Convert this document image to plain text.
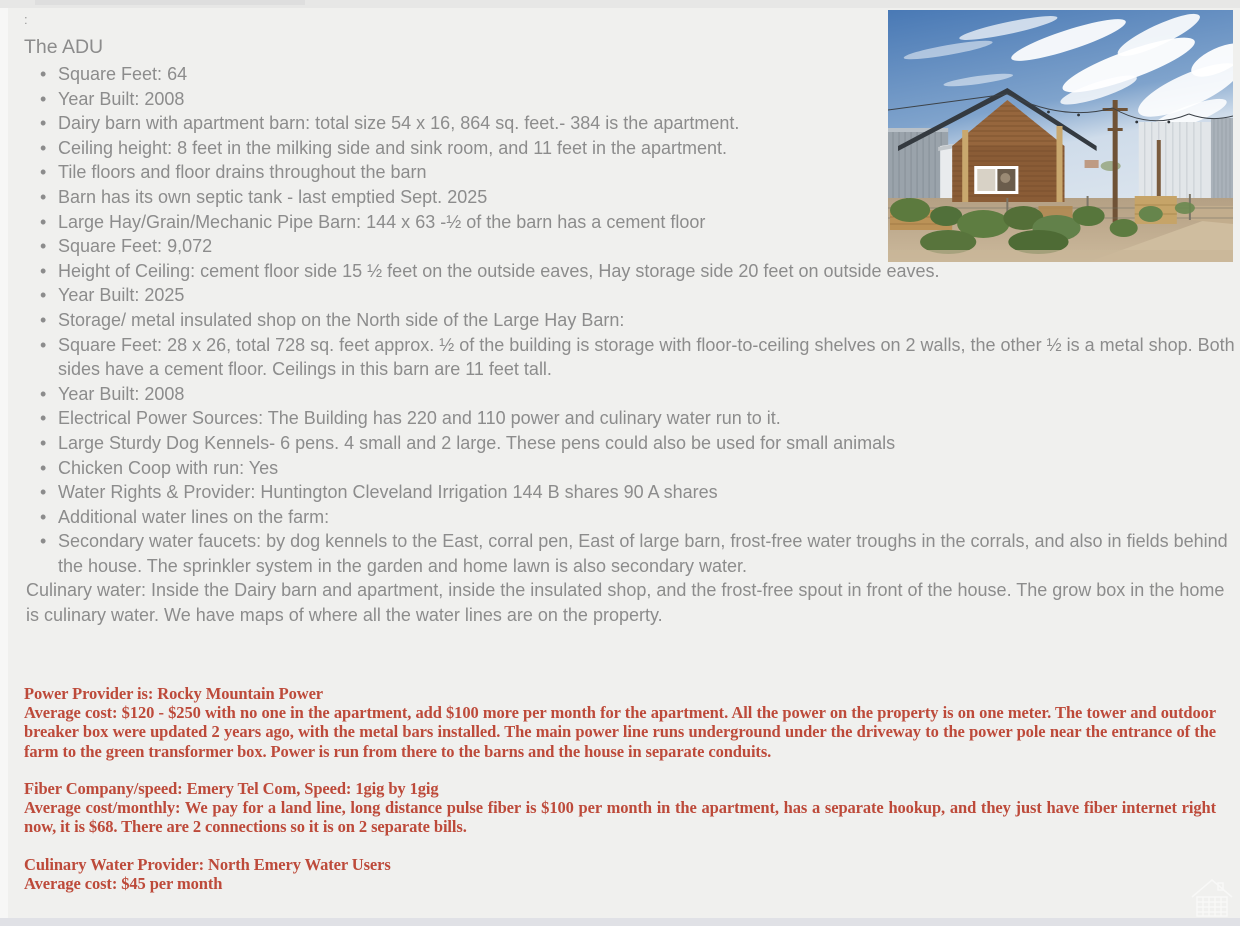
:
The ADU
• Square Feet: 64
• Year Built: 2008
• Dairy barn with apartment barn: total size 54 x 16, 864 sq. feet.- 384 is the apartment.
• Ceiling height: 8 feet in the milking side and sink room, and 11 feet in the apartment.
• Tile floors and floor drains throughout the barn
• Barn has its own septic tank - last emptied Sept. 2025
• Large Hay/Grain/Mechanic Pipe Barn: 144 x 63 -½ of the barn has a cement floor
• Square Feet: 9,072
• Height of Ceiling: cement floor side 15 ½ feet on the outside eaves, Hay storage side 20 feet on outside eaves.
• Year Built: 2025
• Storage/ metal insulated shop on the North side of the Large Hay Barn:
• Square Feet: 28 x 26, total 728 sq. feet approx. ½ of the building is storage with floor-to-ceiling shelves on 2 walls, the other ½ is a metal shop. Both sides have a cement floor. Ceilings in this barn are 11 feet tall.
• Year Built: 2008
• Electrical Power Sources: The Building has 220 and 110 power and culinary water run to it.
• Large Sturdy Dog Kennels- 6 pens. 4 small and 2 large. These pens could also be used for small animals
• Chicken Coop with run: Yes
• Water Rights & Provider: Huntington Cleveland Irrigation 144 B shares 90 A shares
• Additional water lines on the farm:
• Secondary water faucets: by dog kennels to the East, corral pen, East of large barn, frost-free water troughs in the corrals, and also in fields behind the house. The sprinkler system in the garden and home lawn is also secondary water.

Culinary water: Inside the Dairy barn and apartment, inside the insulated shop, and the frost-free spout in front of the house. The grow box in the home is culinary water. We have maps of where all the water lines are on the property.

Power Provider is: Rocky Mountain Power
Average cost: $120 - $250 with no one in the apartment, add $100 more per month for the apartment. All the power on the property is on one meter. The tower and outdoor breaker box were updated 2 years ago, with the metal bars installed. The main power line runs underground under the driveway to the power pole near the entrance of the farm to the green transformer box. Power is run from there to the barns and the house in separate conduits.
Fiber Company/speed: Emery Tel Com, Speed: 1gig by 1gig
Average cost/monthly: We pay for a land line, long distance pulse fiber is $100 per month in the apartment, has a separate hookup, and they just have fiber internet right now, it is $68. There are 2 connections so it is on 2 separate bills.
Culinary Water Provider: North Emery Water Users
Average cost: $45 per month
